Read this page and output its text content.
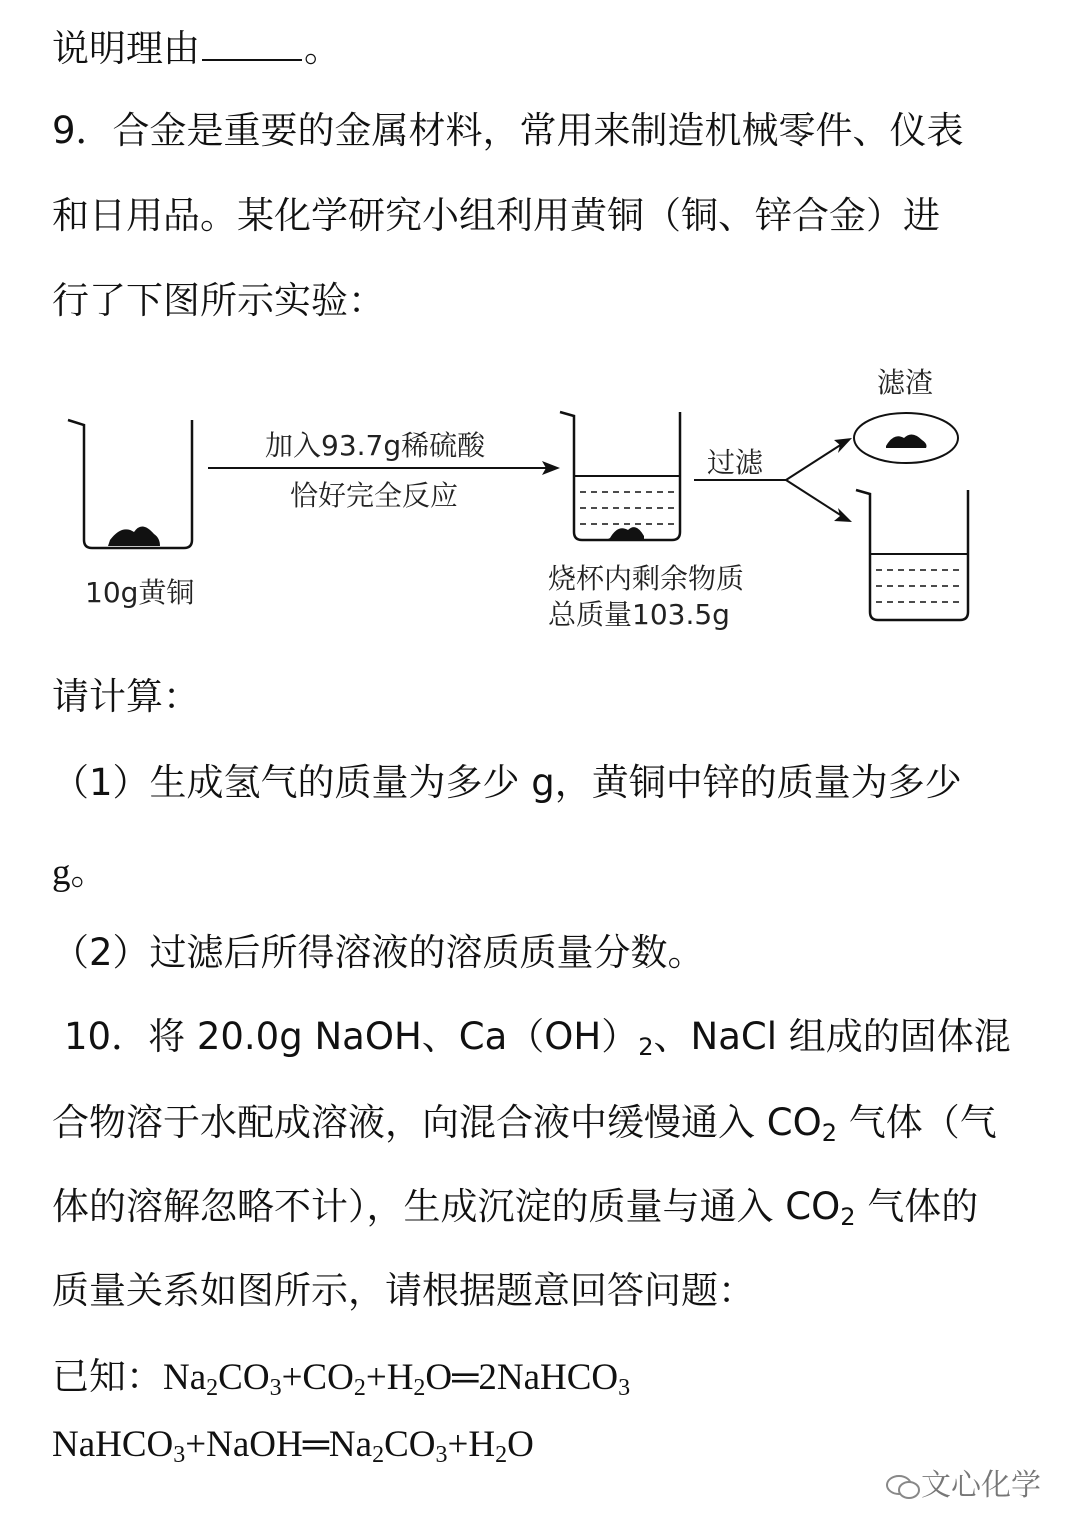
说明理由	。
9．合金是重要的金属材料，常用来制造机械零件、仪表
和日用品。某化学研究小组利用黄铜（铜、锌合金）进
行了下图所示实验：
10g黄铜
加入93.7g稀硫酸
恰好完全反应
烧杯内剩余物质
总质量103.5g
过滤
滤渣
请计算：
（1）生成氢气的质量为多少 g，黄铜中锌的质量为多少
g。
（2）过滤后所得溶液的溶质质量分数。
10．将 20.0g NaOH、$Ca(OH)_2$、NaCl 组成的固体混
合物溶于水配成溶液，向混合液中缓慢通入 $CO_2$ 气体（气
体的溶解忽略不计），生成沉淀的质量与通入 $CO_2$ 气体的
质量关系如图所示，请根据题意回答问题：
已知：$Na_2CO_3+CO_2+H_2O═2NaHCO_3$
$NaHCO_3+NaOH═Na_2CO_3+H_2O$
文心化学
